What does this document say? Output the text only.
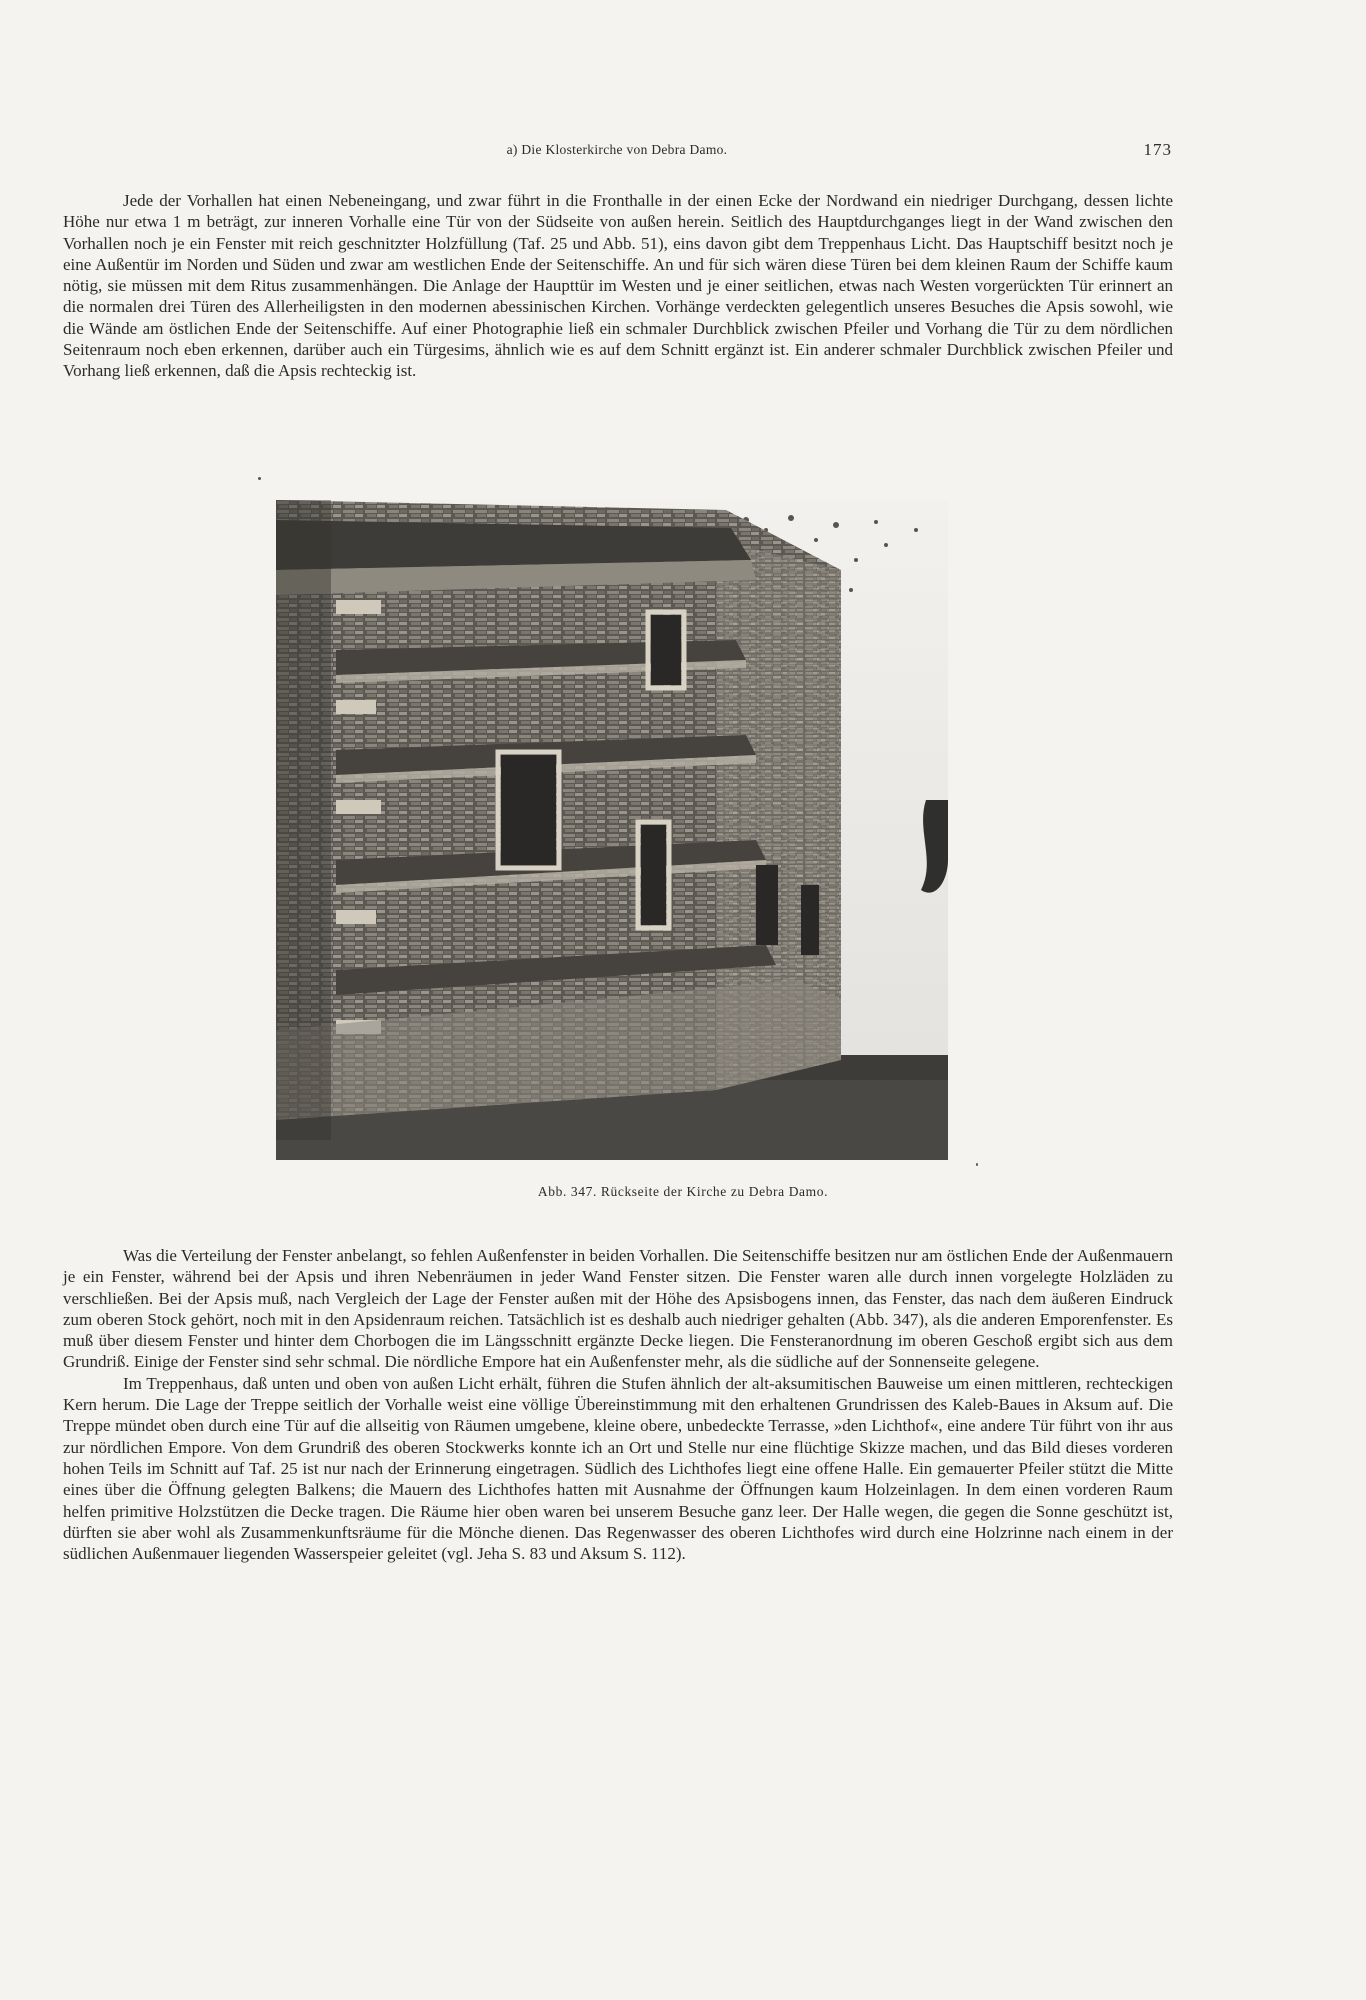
a) Die Klosterkirche von Debra Damo.	173

Jede der Vorhallen hat einen Nebeneingang, und zwar führt in die Fronthalle in der einen Ecke der Nordwand ein niedriger Durchgang, dessen lichte Höhe nur etwa 1 m beträgt, zur inneren Vorhalle eine Tür von der Südseite von außen herein. Seitlich des Hauptdurchganges liegt in der Wand zwischen den Vorhallen noch je ein Fenster mit reich geschnitzter Holzfüllung (Taf. 25 und Abb. 51), eins davon gibt dem Treppenhaus Licht. Das Hauptschiff besitzt noch je eine Außentür im Norden und Süden und zwar am westlichen Ende der Seitenschiffe. An und für sich wären diese Türen bei dem kleinen Raum der Schiffe kaum nötig, sie müssen mit dem Ritus zusammenhängen. Die Anlage der Haupttür im Westen und je einer seitlichen, etwas nach Westen vorgerückten Tür erinnert an die normalen drei Türen des Allerheiligsten in den modernen abessinischen Kirchen. Vorhänge verdeckten gelegentlich unseres Besuches die Apsis sowohl, wie die Wände am östlichen Ende der Seitenschiffe. Auf einer Photographie ließ ein schmaler Durchblick zwischen Pfeiler und Vorhang die Tür zu dem nördlichen Seitenraum noch eben erkennen, darüber auch ein Türgesims, ähnlich wie es auf dem Schnitt ergänzt ist. Ein anderer schmaler Durchblick zwischen Pfeiler und Vorhang ließ erkennen, daß die Apsis rechteckig ist.

Abb. 347. Rückseite der Kirche zu Debra Damo.

Was die Verteilung der Fenster anbelangt, so fehlen Außenfenster in beiden Vorhallen. Die Seitenschiffe besitzen nur am östlichen Ende der Außenmauern je ein Fenster, während bei der Apsis und ihren Nebenräumen in jeder Wand Fenster sitzen. Die Fenster waren alle durch innen vorgelegte Holzläden zu verschließen. Bei der Apsis muß, nach Vergleich der Lage der Fenster außen mit der Höhe des Apsisbogens innen, das Fenster, das nach dem äußeren Eindruck zum oberen Stock gehört, noch mit in den Apsidenraum reichen. Tatsächlich ist es deshalb auch niedriger gehalten (Abb. 347), als die anderen Emporenfenster. Es muß über diesem Fenster und hinter dem Chorbogen die im Längsschnitt ergänzte Decke liegen. Die Fensteranordnung im oberen Geschoß ergibt sich aus dem Grundriß. Einige der Fenster sind sehr schmal. Die nördliche Empore hat ein Außenfenster mehr, als die südliche auf der Sonnenseite gelegene.

Im Treppenhaus, daß unten und oben von außen Licht erhält, führen die Stufen ähnlich der alt-aksumitischen Bauweise um einen mittleren, rechteckigen Kern herum. Die Lage der Treppe seitlich der Vorhalle weist eine völlige Übereinstimmung mit den erhaltenen Grundrissen des Kaleb-Baues in Aksum auf. Die Treppe mündet oben durch eine Tür auf die allseitig von Räumen umgebene, kleine obere, unbedeckte Terrasse, »den Lichthof«, eine andere Tür führt von ihr aus zur nördlichen Empore. Von dem Grundriß des oberen Stockwerks konnte ich an Ort und Stelle nur eine flüchtige Skizze machen, und das Bild dieses vorderen hohen Teils im Schnitt auf Taf. 25 ist nur nach der Erinnerung eingetragen. Südlich des Lichthofes liegt eine offene Halle. Ein gemauerter Pfeiler stützt die Mitte eines über die Öffnung gelegten Balkens; die Mauern des Lichthofes hatten mit Ausnahme der Öffnungen kaum Holzeinlagen. In dem einen vorderen Raum helfen primitive Holzstützen die Decke tragen. Die Räume hier oben waren bei unserem Besuche ganz leer. Der Halle wegen, die gegen die Sonne geschützt ist, dürften sie aber wohl als Zusammenkunftsräume für die Mönche dienen. Das Regenwasser des oberen Lichthofes wird durch eine Holzrinne nach einem in der südlichen Außenmauer liegenden Wasserspeier geleitet (vgl. Jeha S. 83 und Aksum S. 112).
